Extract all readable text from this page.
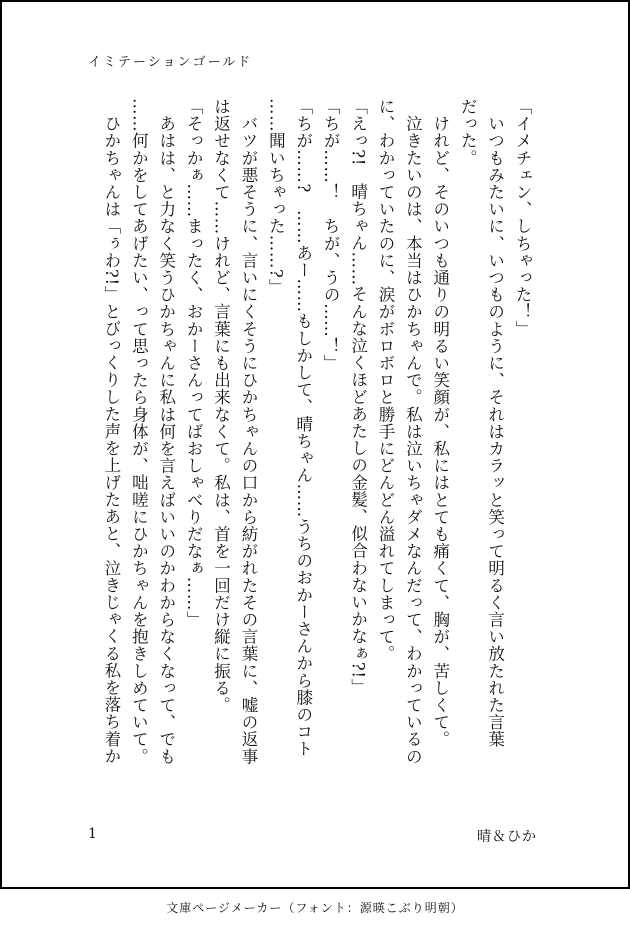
イミテーションゴールド
「イメチェン、しちゃった！」
　いつもみたいに、いつものように、それはカラッと笑って明るく言い放たれた言葉
だった。
　けれど、そのいつも通りの明るい笑顔が、私にはとても痛くて、胸が、苦しくて。
　泣きたいのは、本当はひかちゃんで。私は泣いちゃダメなんだって、わかっているの
に、わかっていたのに、涙がボロボロと勝手にどんどん溢れてしまって。
「えっ?!　晴ちゃん……そんな泣くほどあたしの金髪、似合わないかなぁ?!」
「ちが……！　ちが、うの……！」
「ちが……?　……あー……もしかして、晴ちゃん……うちのおかーさんから膝のコト
……聞いちゃった……?」
　バツが悪そうに、言いにくそうにひかちゃんの口から紡がれたその言葉に、嘘の返事
は返せなくて……けれど、言葉にも出来なくて。私は、首を一回だけ縦に振る。
「そっかぁ……まったく、おかーさんってばおしゃべりだなぁ……」
　あはは、と力なく笑うひかちゃんに私は何を言えばいいのかわからなくなって、でも
……何かをしてあげたい、って思ったら身体が、咄嗟にひかちゃんを抱きしめていて。
　ひかちゃんは「ぅわ?!」とびっくりした声を上げたあと、泣きじゃくる私を落ち着か
1	晴＆ひか
文庫ページメーカー（フォント：源暎こぶり明朝）
